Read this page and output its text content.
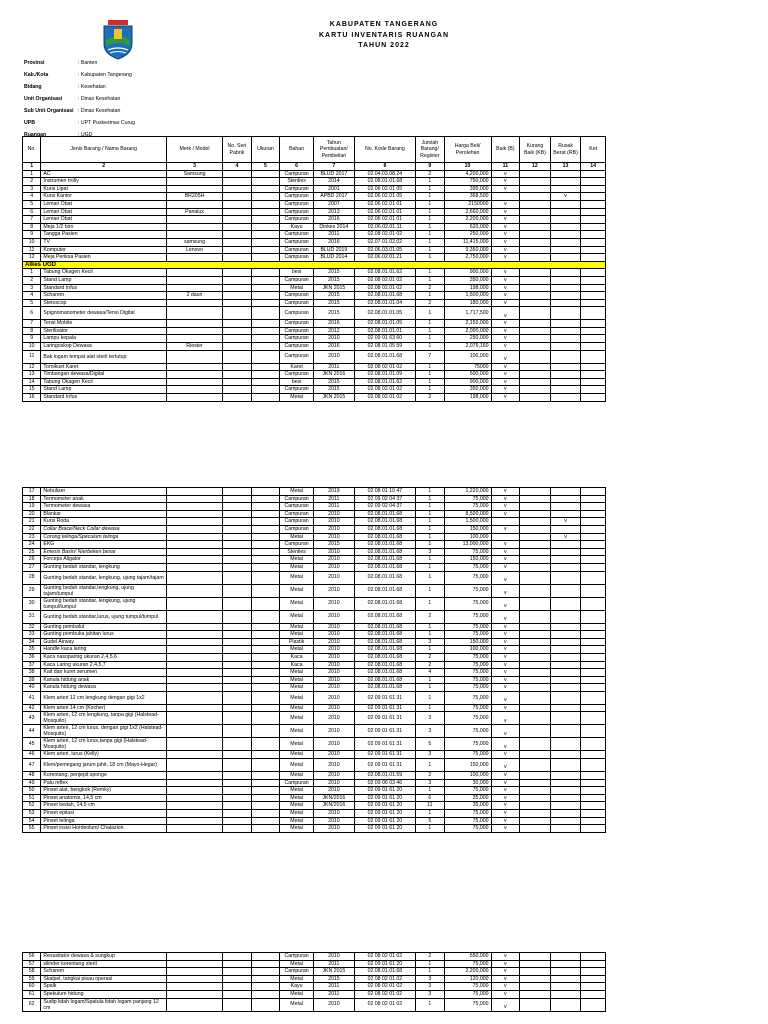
KABUPATEN TANGERANG
KARTU INVENTARIS RUANGAN
TAHUN 2022
Provinsi	: Banten
Kab./Kota	: Kabupaten Tangerang
Bidang	: Kesehatan
Unit Organisasi	: Dinas Kesehatan
Sub Unit Organisasi	: Dinas Kesehatan
UPB	: UPT Puskesmas Curug
Ruangan	: UGD
No.	Jenis Barang / Nama Barang	Merk / Model	No. Seri Pabrik	Ukuran	Bahan	Tahun Pembuatan/ Pembelian	No. Kode Barang	Jumlah Barang/ Register	Harga Beli/ Perolehan	Baik (B)	Kurang Baik (KB)	Rusak Berat (RB)	Ket
1	2	3	4	5	6	7	8	9	10	11	12	13	14
1	AC	Samsung			Campuran	BLUD 2017	02.04.03.08.24	2	4,200,000	v			
2	Instrumen trolly				Stenlies	2014	02.08.01.01.68	1	750,000	v			
3	Kursi Lipat				Campuran	2001	02.06 02.01 05	1	395,000	v			
4	Kursi Kantor	BR205H			Campuran	APBD 2017	02.06 02.01 05	1	368,500			v	
5	Lemari Obat				Campuran	2007	02.06 02.01 01	1	2150000	v			
6	Lemari Obat	Panalux			Campuran	2013	02.06 02.01 01	1	2,660,000	v			
7	Lemari Obat				Campuran	2016	02.06 02.01 01	1	2,200,000	v			
8	Meja 1/2 biro				Kayu	Dinkes 2014	02.06.02.01.11	1	620,000	v			
9	Tangga Pasien				Campuran	2011	02.08 02.01 02	1	250,000	v			
10	TV	samsung			Campuran	2016	02.07.01.02.02	1	11,415,000	v			
11	Komputer	Lenovo			Campuran	BLUD 2019	02.06.03.01.05	1	9,350,000	v			
12	Meja Periksa Pasien				Campuran	BLUD 2014	02.06.02.01.21	1	2,750,000	v			
Alkes UGD													
1	Tabung Okagen Kecil				besi	2015	02.08.01.01.62	1	900,000	v			
2	Stand Lamp				Campuran	2015	02.08 02.01 02	1	350,000	v			
3	Standard Infus				Metal	JKN 2015	02.08 02.01 02	2	198,000	v			
4	Scharem	2 daun			Campuran	2015	02.08.01.01.68	1	1,500,000	v			
5	Stetoscop				Campuran	2015	02.08.01.01.04	2	180,000	v			
6	Spignomanometer dewasa/Tensi Digital				Campuran	2015	02.08.01.01.05	1	1,717,500	v			
7	Tensi Mobile				Campuran	2016	02.08.01.01.05	1	2,150,000	v			
8	Sterilisator				Campuran	2012	02.08.01.01.01	1	2,000,000	v			
9	Lampu kepala				Campuran	2010	02 09 01 63 60	1	250,000	v			
10	Laringoskop Dewasa	Riester			Campuran	2016	02 08 01 05 59	1	2,076,160	v			
11	Bak logam tempat alat steril tertutup				Campuran	2010	02.08.01.01.68	7	100,000	v			
12	Tornikuet Karet				Karet	2011	02 08 02 01 02	1	75000	v			
13	Timbangan dewasa/Digital				Campuran	JKN 2016	02.08.01.01.09	1	500,000	v			
14	Tabung Okagen Kecil				besi	2015	02.08.01.01.62	1	900,000	v			
15	Stand Lamp				Campuran	2015	02.08 02.01 02	1	350,000	v			
16	Standard Infus				Metal	JKN 2015	02.08 02.01 02	2	198,000	v			
17	Nebulizer				Metal	2019	02 08 01 10 47	1	1,220,000	v			
18	Termometer anak				Campuran	2011	02 09 02 04 37	1	75,000	v			
19	Termometer dewasa				Campuran	2011	02 09 02 04 37	1	75,000	v			
20	Blankar				Campuran	2010	02.08.01.01.68	1	8,500,000	v			
21	Kursi Roda				Campuran	2010	02.08.01.01.68	1	1,500,000			v	
22	Collar Brace/Neck Collar dewasa				Campuran	2010	02.08.01.01.68	1	150,000	v			
23	Corong telinga/Speculum telinga				Metal	2010	02.08.01.01.68	1	100,000			v	
24	EKG				Campuran	2015	02.08.01.01.68	1	13,000,000	v			
25	Emesis Basin/ Nierbeken besar				Stenlies	2010	02.08.01.01.68	3	75,000	v			
26	Forceps Aligator				Metal	2010	02.08.01.01.68	1	150,000	v			
27	Gunting bedah standar, lengkung				Metal	2010	02.08.01.01.68	1	75,000	v			
28	Gunting bedah standar, lengkung, ujung tajam/tajam				Metal	2010	02.08.01.01.68	1	75,000	v			
29	Gunting bedah standar,lengkung, ujung tajam/tumpul				Metal	2010	02.08.01.01.68	1	75,000	v			
30	Gunting bedah standar, lengkung, ujung tumpul/tumpul				Metal	2010	02.08.01.01.68	1	75,000	v			
31	Gunting bedah standar,lurus, ujung tumpul/tumpul				Metal	2010	02.08.01.01.68	2	75,000	v			
32	Gunting pembalut				Metal	2010	02.08.01.01.68	1	75,000	v			
33	Gunting pembuka jahitan lurus				Metal	2010	02.08.01.01.68	1	75,000	v			
34	Gudel Airway				Plastik	2010	02.08.01.01.68	3	150,000	v			
35	Handle kaca laring				Metal	2010	02.08.01.01.68	1	100,000	v			
36	Kaca nasoparing ukuran 2,4,5,6				Kaca	2010	02.08.01.01.68	2	75,000	v			
37	Kaca Laring ukuran 2,4,5,7				Kaca	2010	02.08.01.01.68	2	75,000	v			
38	Kait dan kuret serumen				Metal	2010	02.08.01.01.68	4	75,000	v			
39	Kanula hidung anak				Metal	2010	02.08.01.01.68	1	75,000	v			
40	Kanula hidung dewasa				Metal	2010	02.08.01.01.68	1	75,000	v			
41	Klem arteri 12 cm lengkung dengan gigi 1x2				Metal	2010	02 09 01 61 31	1	75,000	v			
42	Klem arteri 14 cm (Kocher)				Metal	2010	02 09 01 61 31	1	75,000	v			
43	Klem arteri, 12 cm lengkung, tanpa gigi (Halstead-Mosquito)				Metal	2010	02 09 01 61 31	3	75,000	v			
44	Klem arteri, 12 cm lurus, dengan gigi 1x2 (Halstead-Mosquito)				Metal	2010	02 09 01 61 31	3	75,000	v			
45	Klem arteri, 12 cm lurus,tanpa gigi (Halstead-Mosquito)				Metal	2010	02 09 01 61 31	5	75,000	v			
46	Klem arteri, lurus (Kelly)				Metal	2010	02 09 01 61 31	3	75,000	v			
47	Klem/pemegang jarum jahit, 18 cm (Mayo-Hegar)				Metal	2010	02 09 01 61 31	1	150,000	v			
48	Korentang, penjepit sponge				Metal	2010	02.08.01.01.59	2	100,000	v			
49	Palu reflex				Campuran	2010	02 09 06 03 46	3	30,000	v			
50	Pinset alat, bengkok (Remky)				Metal	2010	02 09 01 61 20	1	75,000	v			
51	Pinset anatomis, 14,5 cm				Metal	JKN/2016	02 09 01 61 20	6	35,000	v			
52	Pinset bedah, 14,5 cm				Metal	JKN/2016	02 09 01 61 20	11	35,000	v			
53	Pinset epilasi				Metal	2010	02 09 01 61 20	1	75,000	v			
54	Pinset telinga				Metal	2010	02 09 01 61 20	5	75,000	v			
55	Pinset insisi Hordeolum/ Chalazion				Metal	2010	02 09 01 61 20	1	75,000	v			
56	Resusitator dewasa & sungkup				Campuran	2010	02 08 02 01 02	2	550,000	v			
57	silinder korentang steril				Metal	2011	02 09 01 61 20	1	75,000	v			
58	Scharem				Campuran	JKN 2015	02.08.01.01.68	1	2,200,000	v			
59	Skalpel, tangkai pisau operasi				Metal	2015	02 08 02 01 02	3	120,000	v			
60	Spalk				Kayu	2011	02 08 02 01 02	3	75,000	v			
61	Spekulum hidung				Metal	2011	02 08 02 01 02	3	75,000	v			
62	Sudip lidah logam/Spatula lidah logam panjang 12 cm				Metal	2010	02 08 02 01 02	1	75,000	v			
